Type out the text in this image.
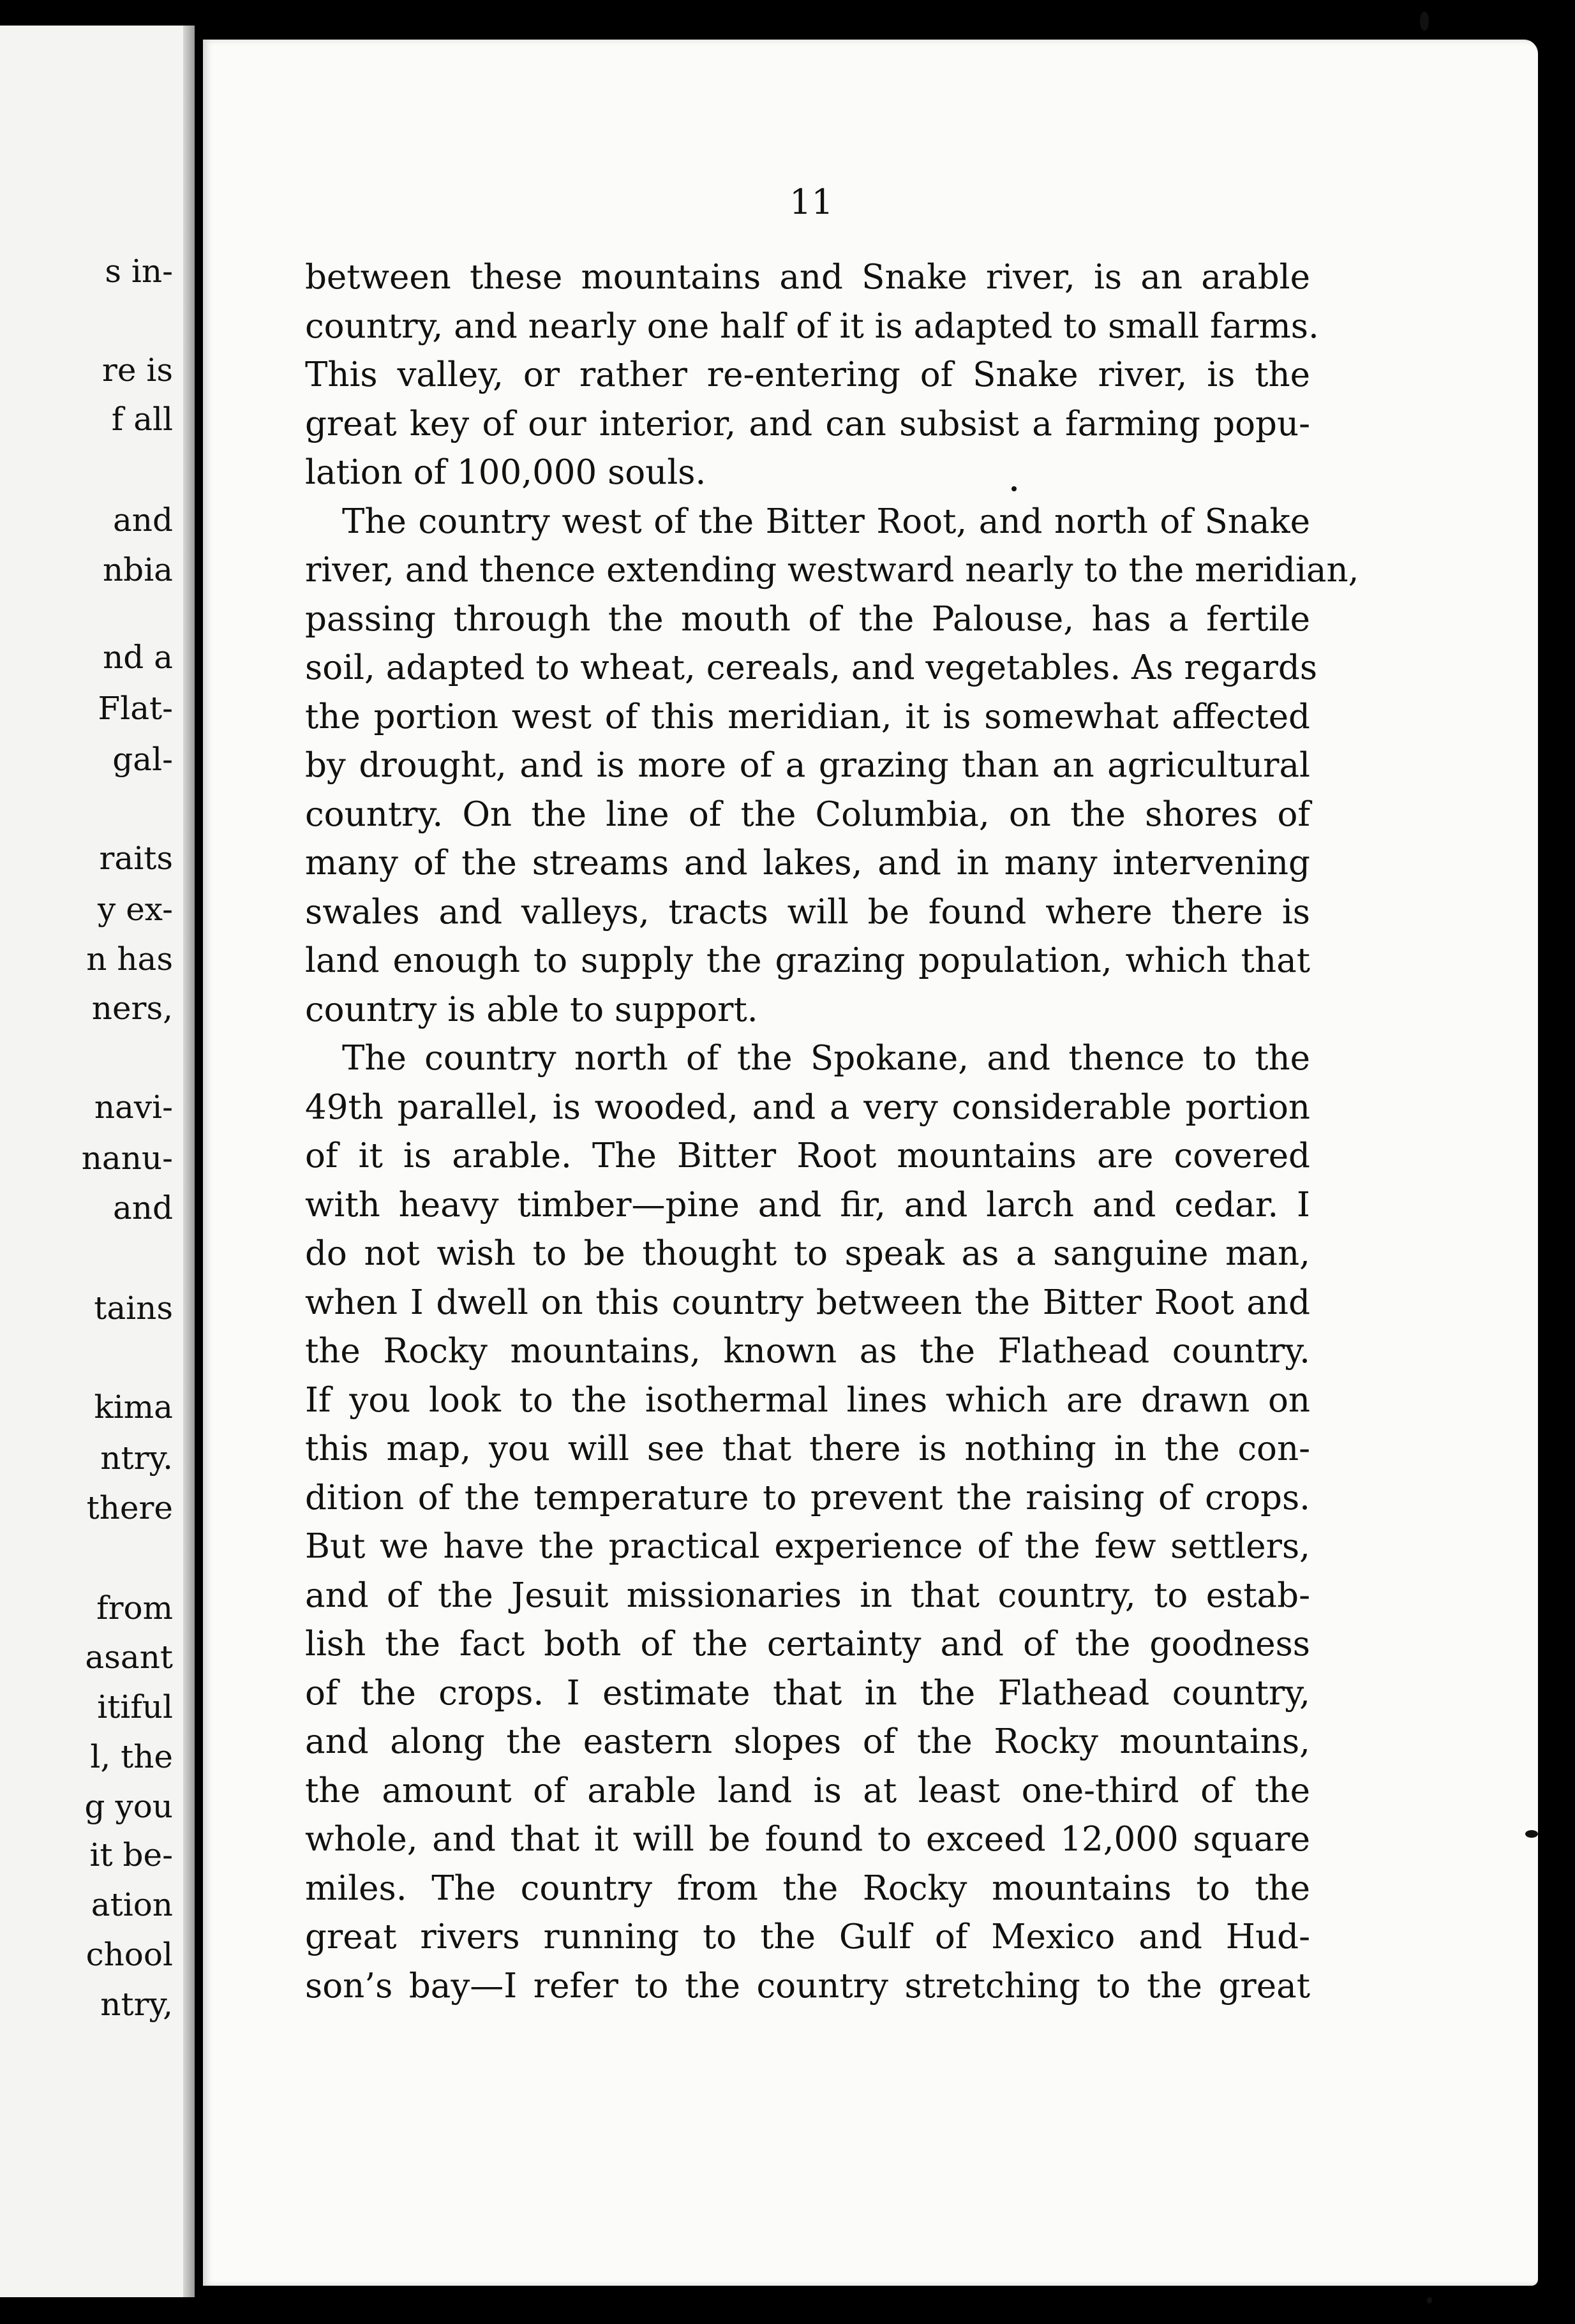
s in-
re is
f all
and
nbia
nd a
Flat-
gal-
raits
y ex-
n has
ners,
navi-
nanu-
and
tains
kima
ntry.
there
from
asant
itiful
l, the
g you
it be-
ation
chool
ntry,
11
between these mountains and Snake river, is an arable
country, and nearly one half of it is adapted to small farms.
This valley, or rather re-entering of Snake river, is the
great key of our interior, and can subsist a farming popu-
lation of 100,000 souls.
The country west of the Bitter Root, and north of Snake
river, and thence extending westward nearly to the meridian,
passing through the mouth of the Palouse, has a fertile
soil, adapted to wheat, cereals, and vegetables. As regards
the portion west of this meridian, it is somewhat affected
by drought, and is more of a grazing than an agricultural
country. On the line of the Columbia, on the shores of
many of the streams and lakes, and in many intervening
swales and valleys, tracts will be found where there is
land enough to supply the grazing population, which that
country is able to support.
The country north of the Spokane, and thence to the
49th parallel, is wooded, and a very considerable portion
of it is arable. The Bitter Root mountains are covered
with heavy timber—pine and fir, and larch and cedar. I
do not wish to be thought to speak as a sanguine man,
when I dwell on this country between the Bitter Root and
the Rocky mountains, known as the Flathead country.
If you look to the isothermal lines which are drawn on
this map, you will see that there is nothing in the con-
dition of the temperature to prevent the raising of crops.
But we have the practical experience of the few settlers,
and of the Jesuit missionaries in that country, to estab-
lish the fact both of the certainty and of the goodness
of the crops. I estimate that in the Flathead country,
and along the eastern slopes of the Rocky mountains,
the amount of arable land is at least one-third of the
whole, and that it will be found to exceed 12,000 square
miles. The country from the Rocky mountains to the
great rivers running to the Gulf of Mexico and Hud-
son’s bay—I refer to the country stretching to the great
